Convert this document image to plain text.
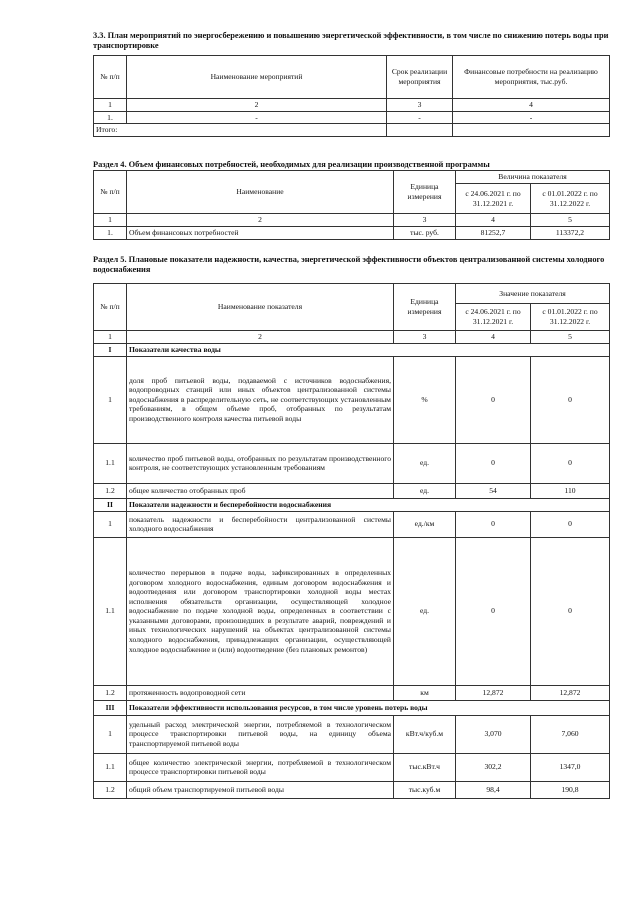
3.3. План мероприятий по энергосбережению и повышению энергетической эффективности, в том числе по снижению потерь воды при транспортировке

№ п/п	Наименование мероприятий	Срок реализации мероприятия	Финансовые потребности на реализацию мероприятия, тыс.руб.
1	2	3	4
1.	-	-	-
Итого:			

Раздел 4. Объем финансовых потребностей, необходимых для реализации производственной программы

№ п/п	Наименование	Единица измерения	Величина показателя	
			с 24.06.2021 г. по 31.12.2021 г.	с 01.01.2022 г. по 31.12.2022 г.
1	2	3	4	5
1.	Объем финансовых потребностей	тыс. руб.	81252,7	113372,2

Раздел 5. Плановые показатели надежности, качества, энергетической эффективности объектов централизованной системы холодного водоснабжения

№ п/п	Наименование показателя	Единица измерения	Значение показателя	
			с 24.06.2021 г. по 31.12.2021 г.	с 01.01.2022 г. по 31.12.2022 г.
1	2	3	4	5
I	Показатели качества воды			
1	доля проб питьевой воды, подаваемой с источников водоснабжения, водопроводных станций или иных объектов централизованной системы водоснабжения в распределительную сеть, не соответствующих установленным требованиям, в общем объеме проб, отобранных по результатам производственного контроля качества питьевой воды	%	0	0
1.1	количество проб питьевой воды, отобранных по результатам производственного контроля, не соответствующих установленным требованиям	ед.	0	0
1.2	общее количество отобранных проб	ед.	54	110
II	Показатели надежности и бесперебойности водоснабжения			
1	показатель надежности и бесперебойности централизованной системы холодного водоснабжения	ед./км	0	0
1.1	количество перерывов в подаче воды, зафиксированных в определенных договором холодного водоснабжения, единым договором водоснабжения и водоотведения или договором транспортировки холодной воды местах исполнения обязательств организации, осуществляющей холодное водоснабжение по подаче холодной воды, определенных в соответствии с указанными договорами, произошедших в результате аварий, повреждений и иных технологических нарушений на объектах централизованной системы холодного водоснабжения, принадлежащих организации, осуществляющей холодное водоснабжение и (или) водоотведение (без плановых ремонтов)	ед.	0	0
1.2	протяженность водопроводной сети	км	12,872	12,872
III	Показатели эффективности использования ресурсов, в том числе уровень потерь воды			
1	удельный расход электрической энергии, потребляемой в технологическом процессе транспортировки питьевой воды, на единицу объема транспортируемой питьевой воды	кВт.ч/куб.м	3,070	7,060
1.1	общее количество электрической энергии, потребляемой в технологическом процессе транспортировки питьевой воды	тыс.кВт.ч	302,2	1347,0
1.2	общий объем транспортируемой питьевой воды	тыс.куб.м	98,4	190,8
